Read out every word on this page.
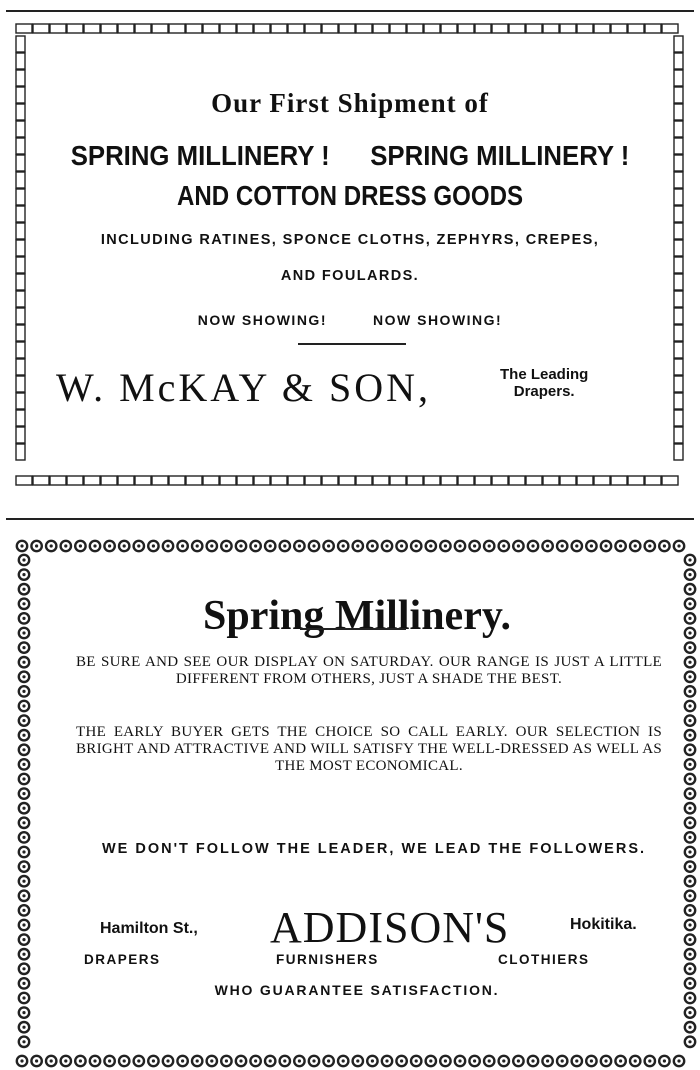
Our First Shipment of
SPRING MILLINERY ! SPRING MILLINERY !
AND COTTON DRESS GOODS
INCLUDING RATINES, SPONCE CLOTHS, ZEPHYRS, CREPES,
AND FOULARDS.
NOW SHOWING!	NOW SHOWING!
W. McKAY & SON,	The Leading
Drapers.
Spring Millinery.
BE SURE AND SEE OUR DISPLAY ON SATURDAY. OUR RANGE IS JUST A LITTLE DIFFERENT FROM OTHERS, JUST A SHADE THE BEST.
THE EARLY BUYER GETS THE CHOICE SO CALL EARLY. OUR SELECTION IS BRIGHT AND ATTRACTIVE AND WILL SATISFY THE WELL-DRESSED AS WELL AS THE MOST ECONOMICAL.
WE DON'T FOLLOW THE LEADER, WE LEAD THE FOLLOWERS.
Hamilton St., ADDISON'S	Hokitika.
DRAPERS	FURNISHERS	CLOTHIERS
WHO GUARANTEE SATISFACTION.
